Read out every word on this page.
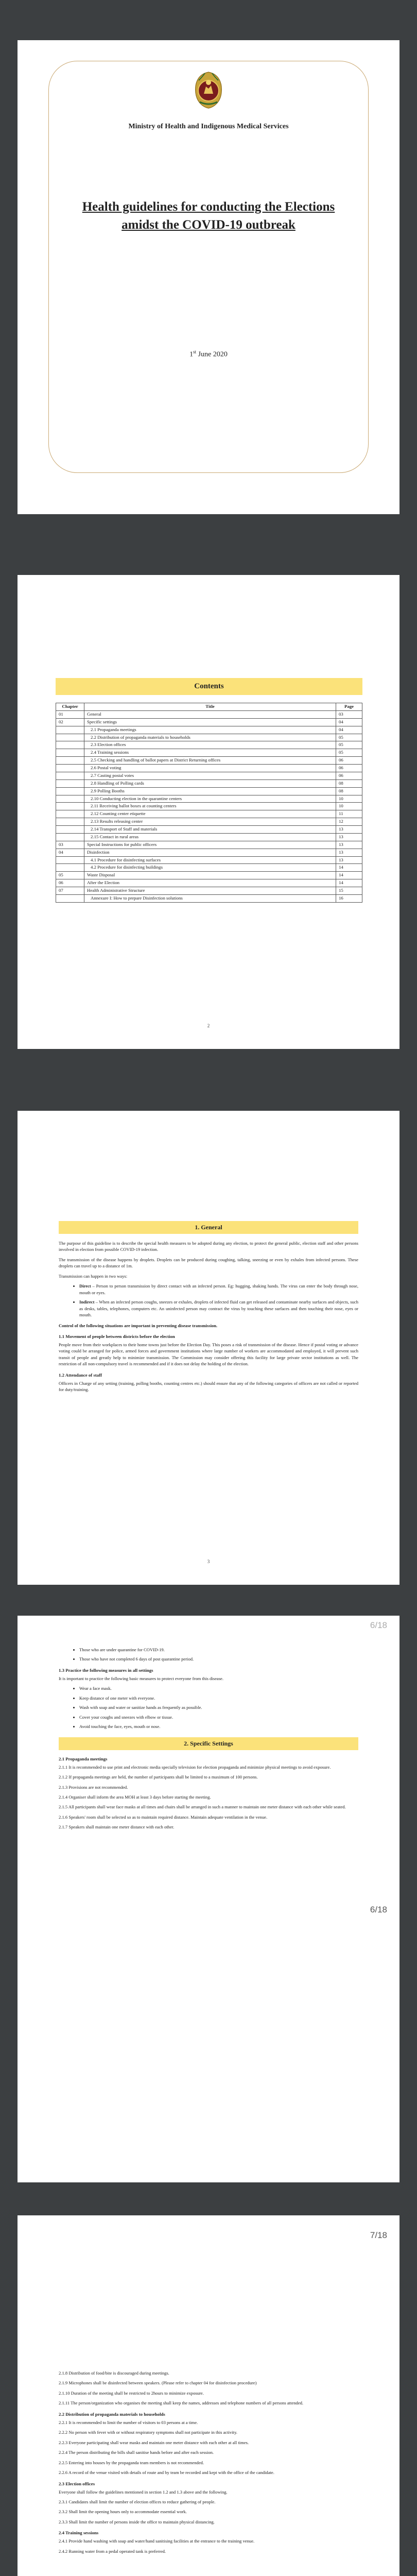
Ministry of Health and Indigenous Medical Services
Health guidelines for conducting the Elections
amidst the COVID-19 outbreak
1st June 2020
Contents
Chapter	Title	Page
01	General	03
02	Specific settings	04
	2.1 Propaganda meetings	04
	2.2 Distribution of propaganda materials to households	05
	2.3 Election offices	05
	2.4 Training sessions	05
	2.5 Checking and handling of ballot papers at District Returning offices	06
	2.6 Postal voting	06
	2.7 Casting postal votes	06
	2.8 Handling of Polling cards	08
	2.9 Polling Booths	08
	2.10 Conducting election in the quarantine centers	10
	2.11 Receiving ballot boxes at counting centers	10
	2.12 Counting center etiquette	11
	2.13 Results releasing center	12
	2.14 Transport of Staff and materials	13
	2.15 Contact in rural areas	13
03	Special Instructions for public officers	13
04	Disinfection	13
	4.1 Procedure for disinfecting surfaces	13
	4.2 Procedure for disinfecting buildings	14
05	Waste Disposal	14
06	After the Election	14
07	Health Administrative Structure	15
	Annexure I: How to prepare Disinfection solutions	16
2
1. General

The purpose of this guideline is to describe the special health measures to be adopted during any election, to protect the general public, election staff and other persons involved in election from possible COVID-19 infection.

The transmission of the disease happens by droplets. Droplets can be produced during coughing, talking, sneezing or even by exhales from infected persons. These droplets can travel up to a distance of 1m.

Transmission can happen in two ways:

• Direct – Person to person transmission by direct contact with an infected person. Eg: hugging, shaking hands. The virus can enter the body through nose, mouth or eyes.
• Indirect – When an infected person coughs, sneezes or exhales, droplets of infected fluid can get released and contaminate nearby surfaces and objects, such as desks, tables, telephones, computers etc. An uninfected person may contract the virus by touching these surfaces and then touching their nose, eyes or mouth.

Control of the following situations are important in preventing disease transmission.

1.1 Movement of people between districts before the election

People move from their workplaces to their home towns just before the Election Day. This poses a risk of transmission of the disease. Hence if postal voting or advance voting could be arranged for police, armed forces and government institutions where large number of workers are accommodated and employed, it will prevent such transit of people and greatly help to minimize transmission. The Commission may consider offering this facility for large private sector institutions as well. The restriction of all non-compulsory travel is recommended and if it does not delay the holding of the election.

1.2 Attendance of staff

Officers in Charge of any setting (training, polling booths, counting centres etc.) should ensure that any of the following categories of officers are not called or reported for duty/training.

3
6/18
• Those who are under quarantine for COVID-19.
• Those who have not completed 6 days of post quarantine period.
1.3 Practice the following measures in all settings

It is important to practice the following basic measures to protect everyone from this disease.

• Wear a face mask.
• Keep distance of one meter with everyone.
• Wash with soap and water or sanitize hands as frequently as possible.
• Cover your coughs and sneezes with elbow or tissue.
• Avoid touching the face, eyes, mouth or nose.
2. Specific Settings
2.1 Propaganda meetings

2.1.1 It is recommended to use print and electronic media specially television for election propaganda and minimize physical meetings to avoid exposure.

2.1.2 If propaganda meetings are held, the number of participants shall be limited to a maximum of 100 persons.

2.1.3 Provisions are not recommended.

2.1.4 Organiser shall inform the area MOH at least 3 days before starting the meeting.

2.1.5 All participants shall wear face masks at all times and chairs shall be arranged in such a manner to maintain one meter distance with each other while seated.

2.1.6 Speakers' room shall be selected so as to maintain required distance. Maintain adequate ventilation in the venue.

2.1.7 Speakers shall maintain one meter distance with each other.

6/18

2.1.8 Distribution of food/bite is discouraged during meetings.

2.1.9 Microphones shall be disinfected between speakers. (Please refer to chapter 04 for disinfection procedure)

2.1.10 Duration of the meeting shall be restricted to 2hours to minimize exposure.

2.1.11 The person/organization who organises the meeting shall keep the names, addresses and telephone numbers of all persons attended.

2.2 Distribution of propaganda materials to households

2.2.1 It is recommended to limit the number of visitors to 03 persons at a time.

2.2.2 No person with fever with or without respiratory symptoms shall not participate in this activity.

2.2.3 Everyone participating shall wear masks and maintain one meter distance with each other at all times.

2.2.4 The person distributing the bills shall sanitise hands before and after each session.

2.2.5 Entering into houses by the propaganda team members is not recommended.

2.2.6 A record of the venue visited with details of route and by team be recorded and kept with the office of the candidate.

2.3 Election offices

Everyone shall follow the guidelines mentioned in section 1.2 and 1.3 above and the following.

2.3.1 Candidates shall limit the number of election offices to reduce gathering of people.

2.3.2 Shall limit the opening hours only to accommodate essential work.

2.3.3 Shall limit the number of persons inside the office to maintain physical distancing.

2.4 Training sessions

2.4.1 Provide hand washing with soap and water/hand sanitising facilities at the entrance to the training venue.

2.4.2 Running water from a pedal operated tank is preferred.

7/18
